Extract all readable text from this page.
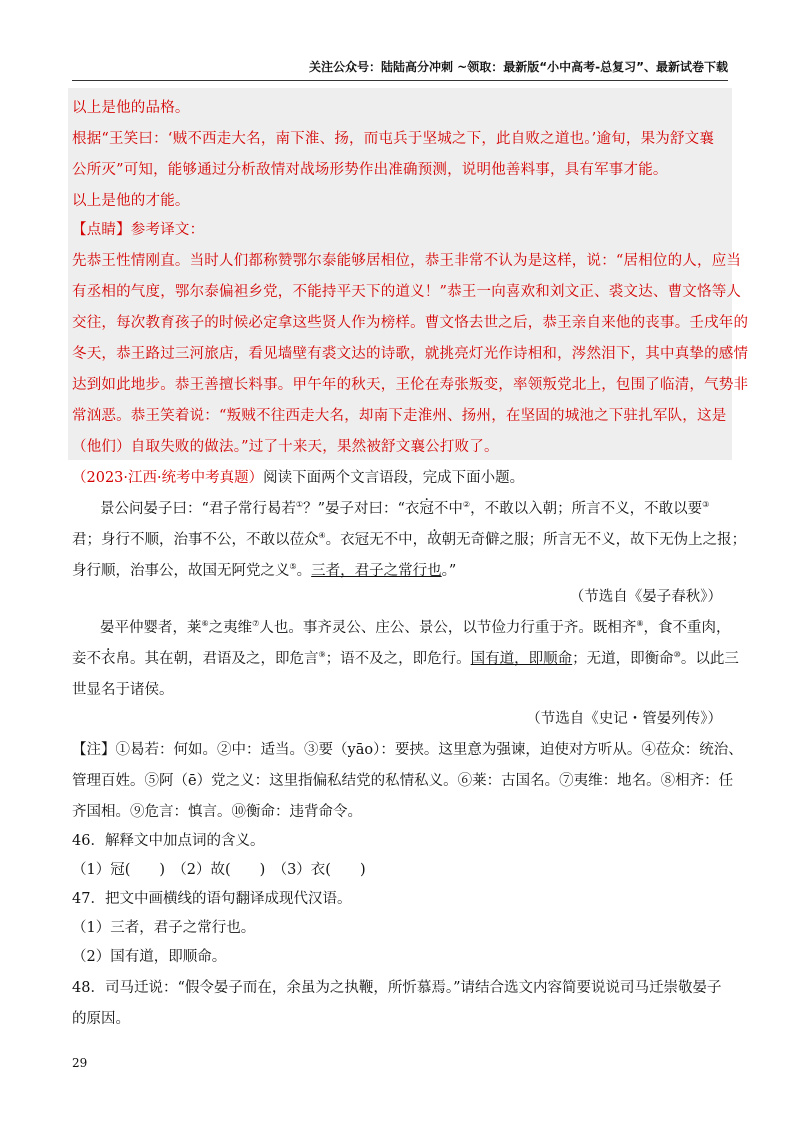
关注公众号：陆陆高分冲刺 ~领取：最新版“小中高考-总复习”、最新试卷下载
以上是他的品格。
根据“王笑曰：‘贼不西走大名，南下淮、扬，而屯兵于坚城之下，此自败之道也。’逾旬，果为舒文襄
公所灭”可知，能够通过分析敌情对战场形势作出准确预测，说明他善料事，具有军事才能。
以上是他的才能。
【点睛】参考译文：
先恭王性情刚直。当时人们都称赞鄂尔泰能够居相位，恭王非常不认为是这样，说：“居相位的人，应当
有丞相的气度，鄂尔泰偏袒乡党，不能持平天下的道义！”恭王一向喜欢和刘文正、裘文达、曹文恪等人
交往，每次教育孩子的时候必定拿这些贤人作为榜样。曹文恪去世之后，恭王亲自来他的丧事。壬戌年的
冬天，恭王路过三河旅店，看见墙壁有裘文达的诗歌，就挑亮灯光作诗相和，涔然泪下，其中真挚的感情
达到如此地步。恭王善擅长料事。甲午年的秋天，王伦在寿张叛变，率领叛党北上，包围了临清，气势非
常汹恶。恭王笑着说：“叛贼不往西走大名，却南下走淮州、扬州，在坚固的城池之下驻扎军队，这是
（他们）自取失败的做法。”过了十来天，果然被舒文襄公打败了。
（2023·江西·统考中考真题）阅读下面两个文言语段，完成下面小题。
景公问晏子曰：“君子常行曷若①？”晏子对曰：“衣冠不中②，不敢以入朝；所言不义，不敢以要③
君；身行不顺，治事不公，不敢以莅众④。衣冠无不中，故朝无奇僻之服；所言无不义，故下无伪上之报；
身行顺，治事公，故国无阿党之义⑤。三者，君子之常行也。”
（节选自《晏子春秋》）
晏平仲婴者，莱⑥之夷维⑦人也。事齐灵公、庄公、景公，以节俭力行重于齐。既相齐⑧，食不重肉，
妾不衣帛。其在朝，君语及之，即危言⑨；语不及之，即危行。国有道，即顺命；无道，即衡命⑩。以此三
世显名于诸侯。
（节选自《史记・管晏列传》）
【注】①曷若：何如。②中：适当。③要（yāo）：要挟。这里意为强谏，迫使对方听从。④莅众：统治、
管理百姓。⑤阿（ē）党之义：这里指偏私结党的私情私义。⑥莱：古国名。⑦夷维：地名。⑧相齐：任
齐国相。⑨危言：慎言。⑩衡命：违背命令。
46．解释文中加点词的含义。
（1）冠(　　)　（2）故(　　)　（3）衣(　　)
47．把文中画横线的语句翻译成现代汉语。
（1）三者，君子之常行也。
（2）国有道，即顺命。
48．司马迁说：“假令晏子而在，余虽为之执鞭，所忻慕焉。”请结合选文内容简要说说司马迁崇敬晏子
的原因。
29
